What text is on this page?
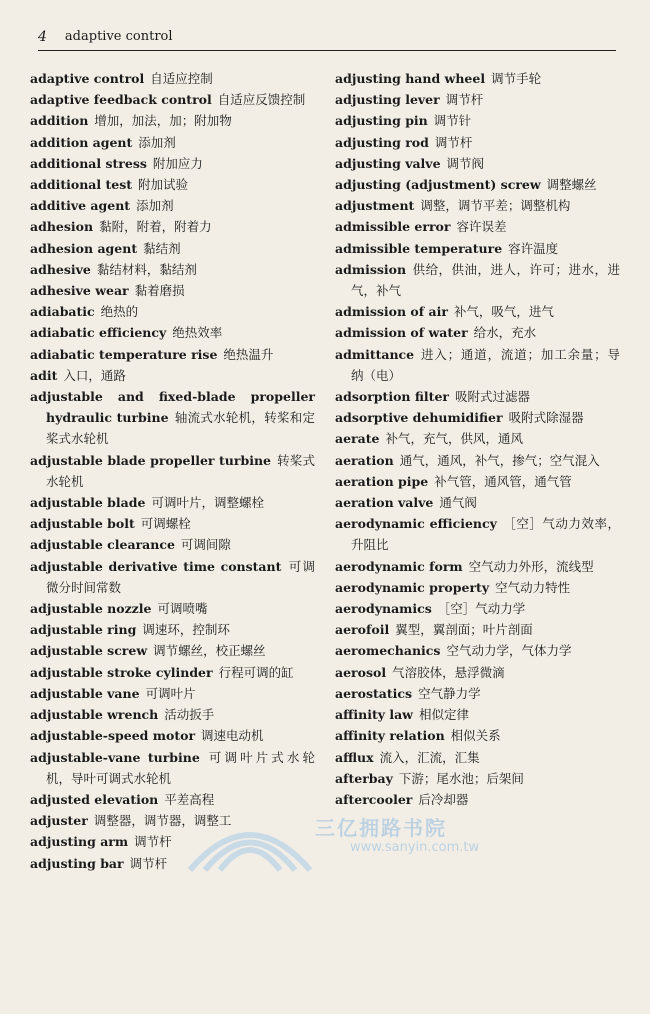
4 adaptive control
adaptive control 自适应控制
adaptive feedback control 自适应反馈控制
addition 增加，加法，加；附加物
addition agent 添加剂
additional stress 附加应力
additional test 附加试验
additive agent 添加剂
adhesion 黏附，附着，附着力
adhesion agent 黏结剂
adhesive 黏结材料，黏结剂
adhesive wear 黏着磨损
adiabatic 绝热的
adiabatic efficiency 绝热效率
adiabatic temperature rise 绝热温升
adit 入口，通路
adjustable and fixed-blade propeller hydraulic turbine 轴流式水轮机，转桨和定桨式水轮机
adjustable blade propeller turbine 转桨式水轮机
adjustable blade 可调叶片，调整螺栓
adjustable bolt 可调螺栓
adjustable clearance 可调间隙
adjustable derivative time constant 可调微分时间常数
adjustable nozzle 可调喷嘴
adjustable ring 调速环，控制环
adjustable screw 调节螺丝，校正螺丝
adjustable stroke cylinder 行程可调的缸
adjustable vane 可调叶片
adjustable wrench 活动扳手
adjustable-speed motor 调速电动机
adjustable-vane turbine 可调叶片式水轮机，导叶可调式水轮机
adjusted elevation 平差高程
adjuster 调整器，调节器，调整工
adjusting arm 调节杆
adjusting bar 调节杆
adjusting hand wheel 调节手轮
adjusting lever 调节杆
adjusting pin 调节针
adjusting rod 调节杆
adjusting valve 调节阀
adjusting (adjustment) screw 调整螺丝
adjustment 调整，调节平差；调整机构
admissible error 容许误差
admissible temperature 容许温度
admission 供给，供油，进人，许可；进水，进气，补气
admission of air 补气，吸气，进气
admission of water 给水，充水
admittance 进入；通道，流道；加工余量；导纳（电）
adsorption filter 吸附式过滤器
adsorptive dehumidifier 吸附式除湿器
aerate 补气，充气，供风，通风
aeration 通气，通风，补气，掺气；空气混入
aeration pipe 补气管，通风管，通气管
aeration valve 通气阀
aerodynamic efficiency ［空］气动力效率，升阻比
aerodynamic form 空气动力外形，流线型
aerodynamic property 空气动力特性
aerodynamics ［空］气动力学
aerofoil 翼型，翼剖面；叶片剖面
aeromechanics 空气动力学，气体力学
aerosol 气溶胶体，悬浮微滴
aerostatics 空气静力学
affinity law 相似定律
affinity relation 相似关系
afflux 流入，汇流，汇集
afterbay 下游；尾水池；后架间
aftercooler 后冷却器
三亿拥路书院
www.sanyin.com.tw
